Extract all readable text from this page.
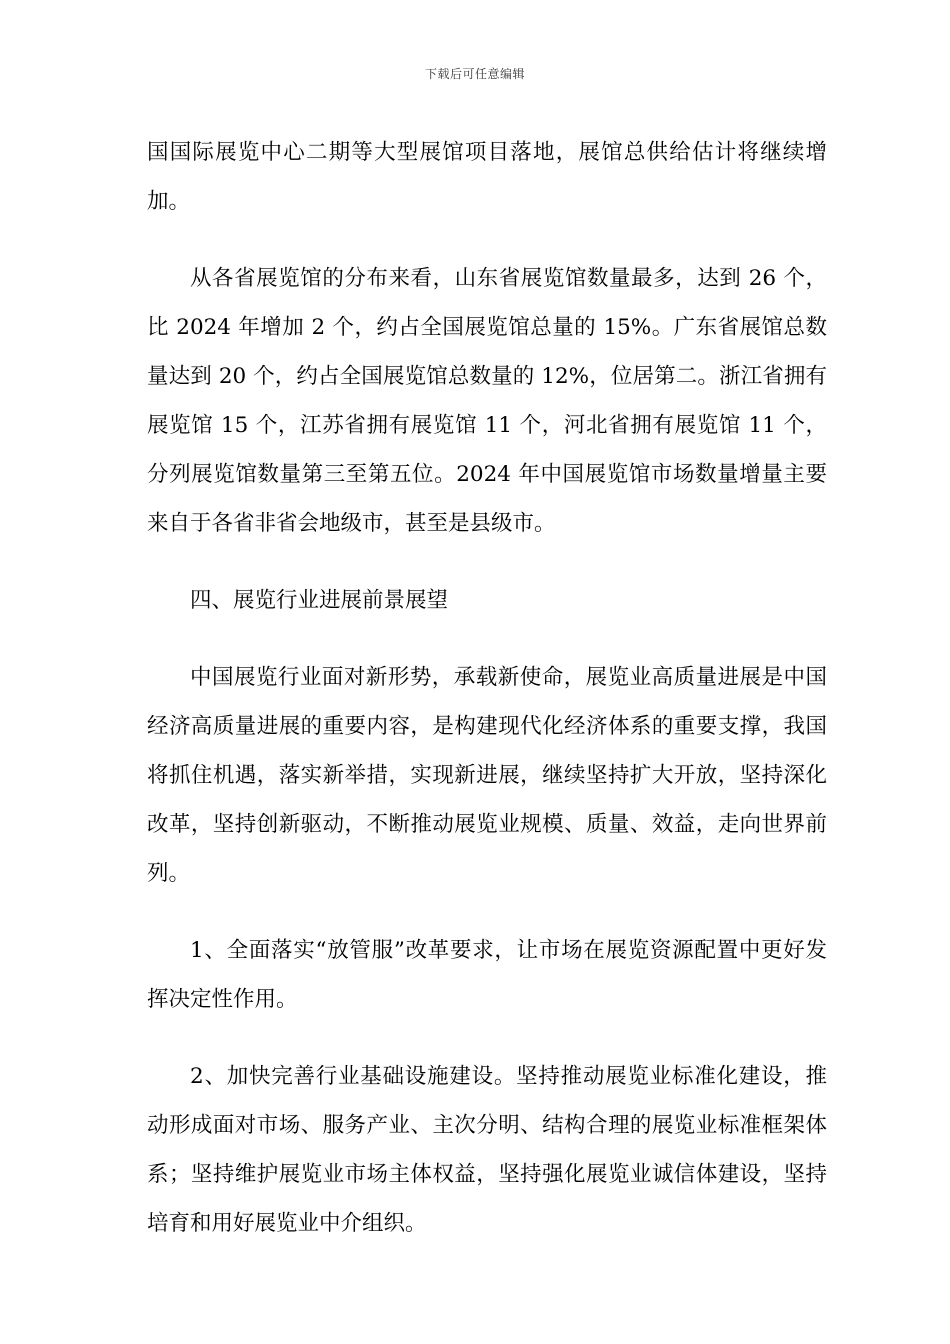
下载后可任意编辑

国国际展览中心二期等大型展馆项目落地，展馆总供给估计将继续增加。

从各省展览馆的分布来看，山东省展览馆数量最多，达到 26 个，比 2024 年增加 2 个，约占全国展览馆总量的 15%。广东省展馆总数量达到 20 个，约占全国展览馆总数量的 12%，位居第二。浙江省拥有展览馆 15 个，江苏省拥有展览馆 11 个，河北省拥有展览馆 11 个，分列展览馆数量第三至第五位。2024 年中国展览馆市场数量增量主要来自于各省非省会地级市，甚至是县级市。

四、展览行业进展前景展望

中国展览行业面对新形势，承载新使命，展览业高质量进展是中国经济高质量进展的重要内容，是构建现代化经济体系的重要支撑，我国将抓住机遇，落实新举措，实现新进展，继续坚持扩大开放，坚持深化改革，坚持创新驱动，不断推动展览业规模、质量、效益，走向世界前列。

1、全面落实“放管服”改革要求，让市场在展览资源配置中更好发挥决定性作用。

2、加快完善行业基础设施建设。坚持推动展览业标准化建设，推动形成面对市场、服务产业、主次分明、结构合理的展览业标准框架体系；坚持维护展览业市场主体权益，坚持强化展览业诚信体建设，坚持培育和用好展览业中介组织。
